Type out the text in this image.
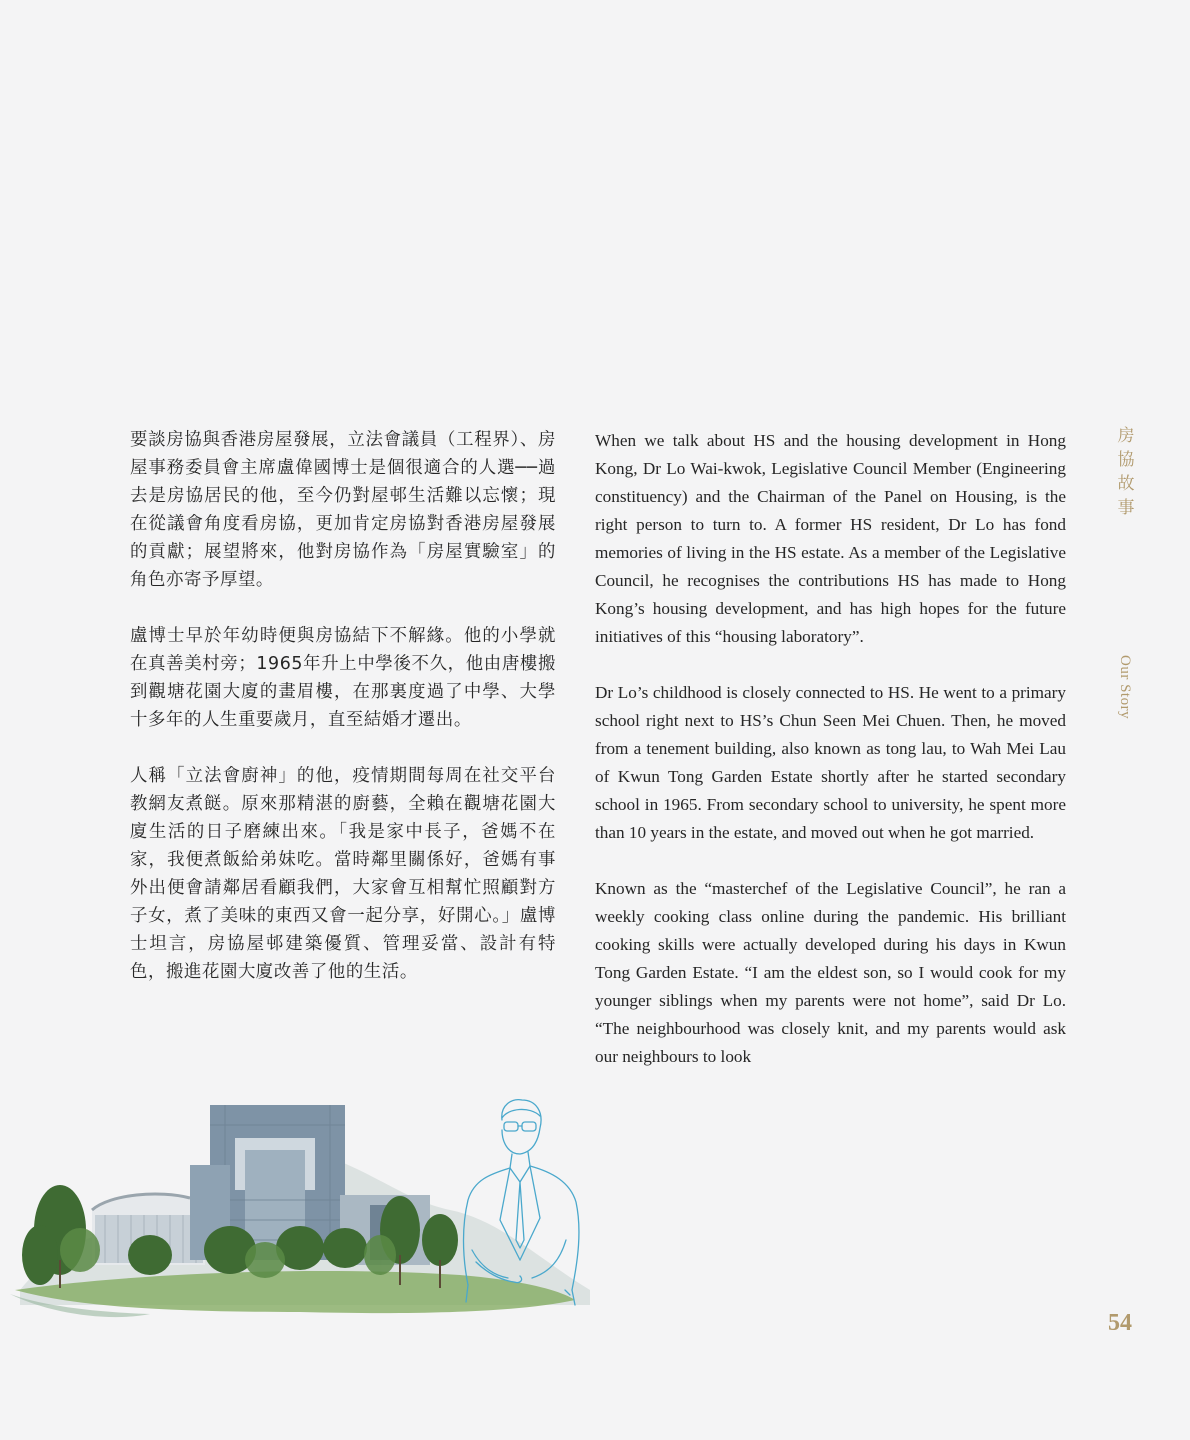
要談房協與香港房屋發展，立法會議員（工程界）、房屋事務委員會主席盧偉國博士是個很適合的人選──過去是房協居民的他，至今仍對屋邨生活難以忘懷；現在從議會角度看房協，更加肯定房協對香港房屋發展的貢獻；展望將來，他對房協作為「房屋實驗室」的角色亦寄予厚望。

盧博士早於年幼時便與房協結下不解緣。他的小學就在真善美村旁；1965年升上中學後不久，他由唐樓搬到觀塘花園大廈的畫眉樓，在那裏度過了中學、大學十多年的人生重要歲月，直至結婚才遷出。

人稱「立法會廚神」的他，疫情期間每周在社交平台教網友煮餸。原來那精湛的廚藝，全賴在觀塘花園大廈生活的日子磨練出來。「我是家中長子，爸媽不在家，我便煮飯給弟妹吃。當時鄰里關係好，爸媽有事外出便會請鄰居看顧我們，大家會互相幫忙照顧對方子女，煮了美味的東西又會一起分享，好開心。」盧博士坦言，房協屋邨建築優質、管理妥當、設計有特色，搬進花園大廈改善了他的生活。

When we talk about HS and the housing development in Hong Kong, Dr Lo Wai-kwok, Legislative Council Member (Engineering constituency) and the Chairman of the Panel on Housing, is the right person to turn to. A former HS resident, Dr Lo has fond memories of living in the HS estate. As a member of the Legislative Council, he recognises the contributions HS has made to Hong Kong’s housing development, and has high hopes for the future initiatives of this “housing laboratory”.

Dr Lo’s childhood is closely connected to HS. He went to a primary school right next to HS’s Chun Seen Mei Chuen. Then, he moved from a tenement building, also known as tong lau, to Wah Mei Lau of Kwun Tong Garden Estate shortly after he started secondary school in 1965. From secondary school to university, he spent more than 10 years in the estate, and moved out when he got married.

Known as the “masterchef of the Legislative Council”, he ran a weekly cooking class online during the pandemic. His brilliant cooking skills were actually developed during his days in Kwun Tong Garden Estate. “I am the eldest son, so I would cook for my younger siblings when my parents were not home”, said Dr Lo. “The neighbourhood was closely knit, and my parents would ask our neighbours to look

房協故事
Our Story
54
